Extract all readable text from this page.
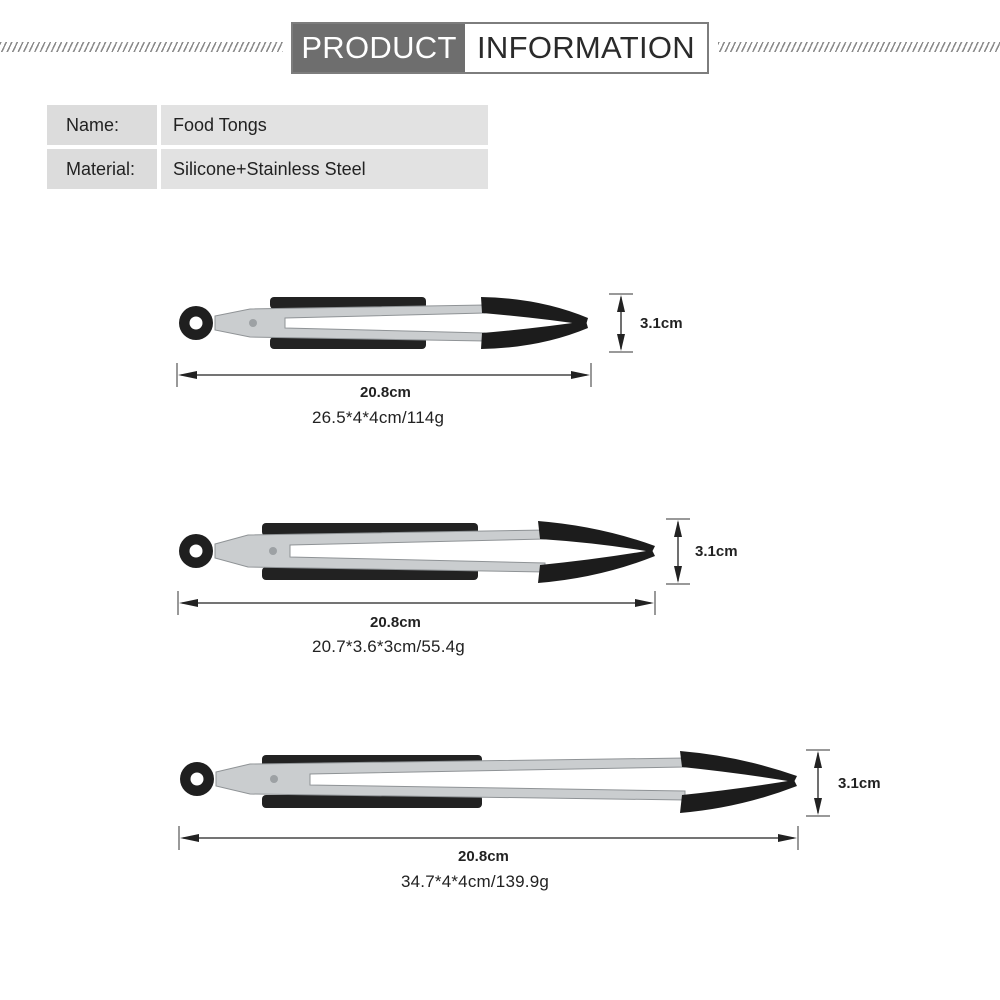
PRODUCT INFORMATION
Name:	Food Tongs
Material:	Silicone+Stainless Steel
3.1cm
20.8cm
26.5*4*4cm/114g
3.1cm
20.8cm
20.7*3.6*3cm/55.4g
3.1cm
20.8cm
34.7*4*4cm/139.9g
